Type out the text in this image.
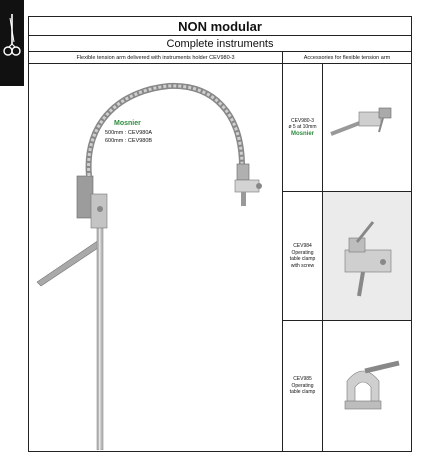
NON modular
Complete instruments
Flexible tension arm delivered with instruments holder CEV980-3	Accessories for flexible tension arm
Mosnier
500mm : CEV980A
600mm : CEV980B
CEV980-3
ø 5 at 10mm
Mosnier
CEV984
Operating
table clamp
with screw
CEV985
Operating
table clamp
